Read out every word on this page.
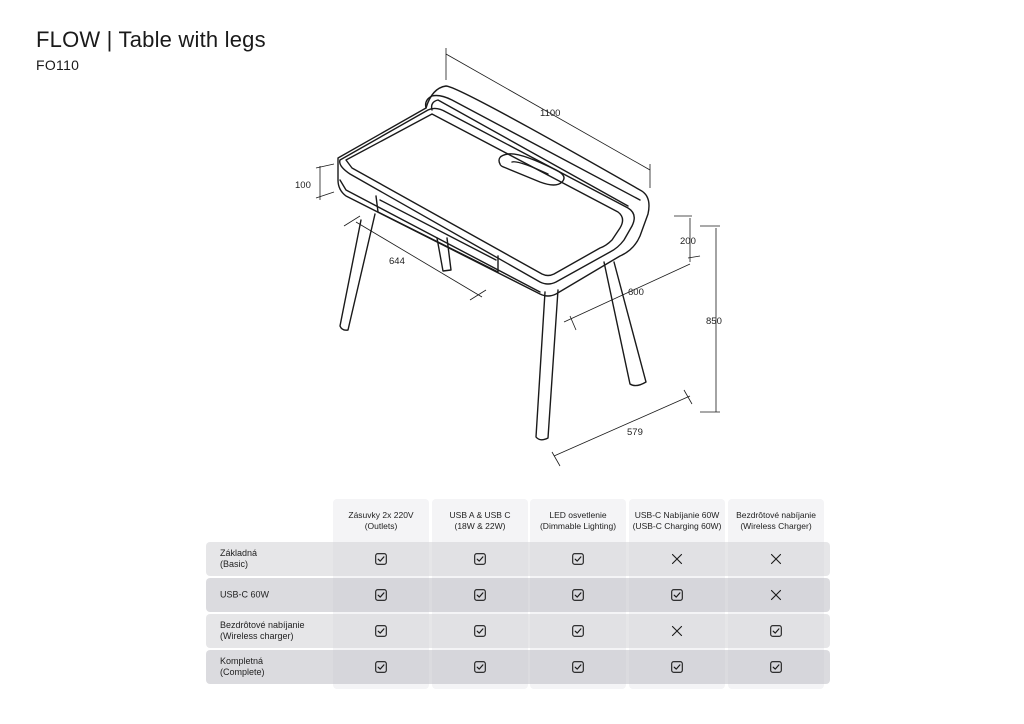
FLOW | Table with legs
FO110
1100
100
644
200
600
850
579
Zásuvky 2x 220V
(Outlets)
USB A & USB C
(18W & 22W)
LED osvetlenie
(Dimmable Lighting)
USB-C Nabíjanie 60W
(USB-C Charging 60W)
Bezdrôtové nabíjanie
(Wireless Charger)
Základná
(Basic)
USB-C 60W
Bezdrôtové nabíjanie
(Wireless charger)
Kompletná
(Complete)
